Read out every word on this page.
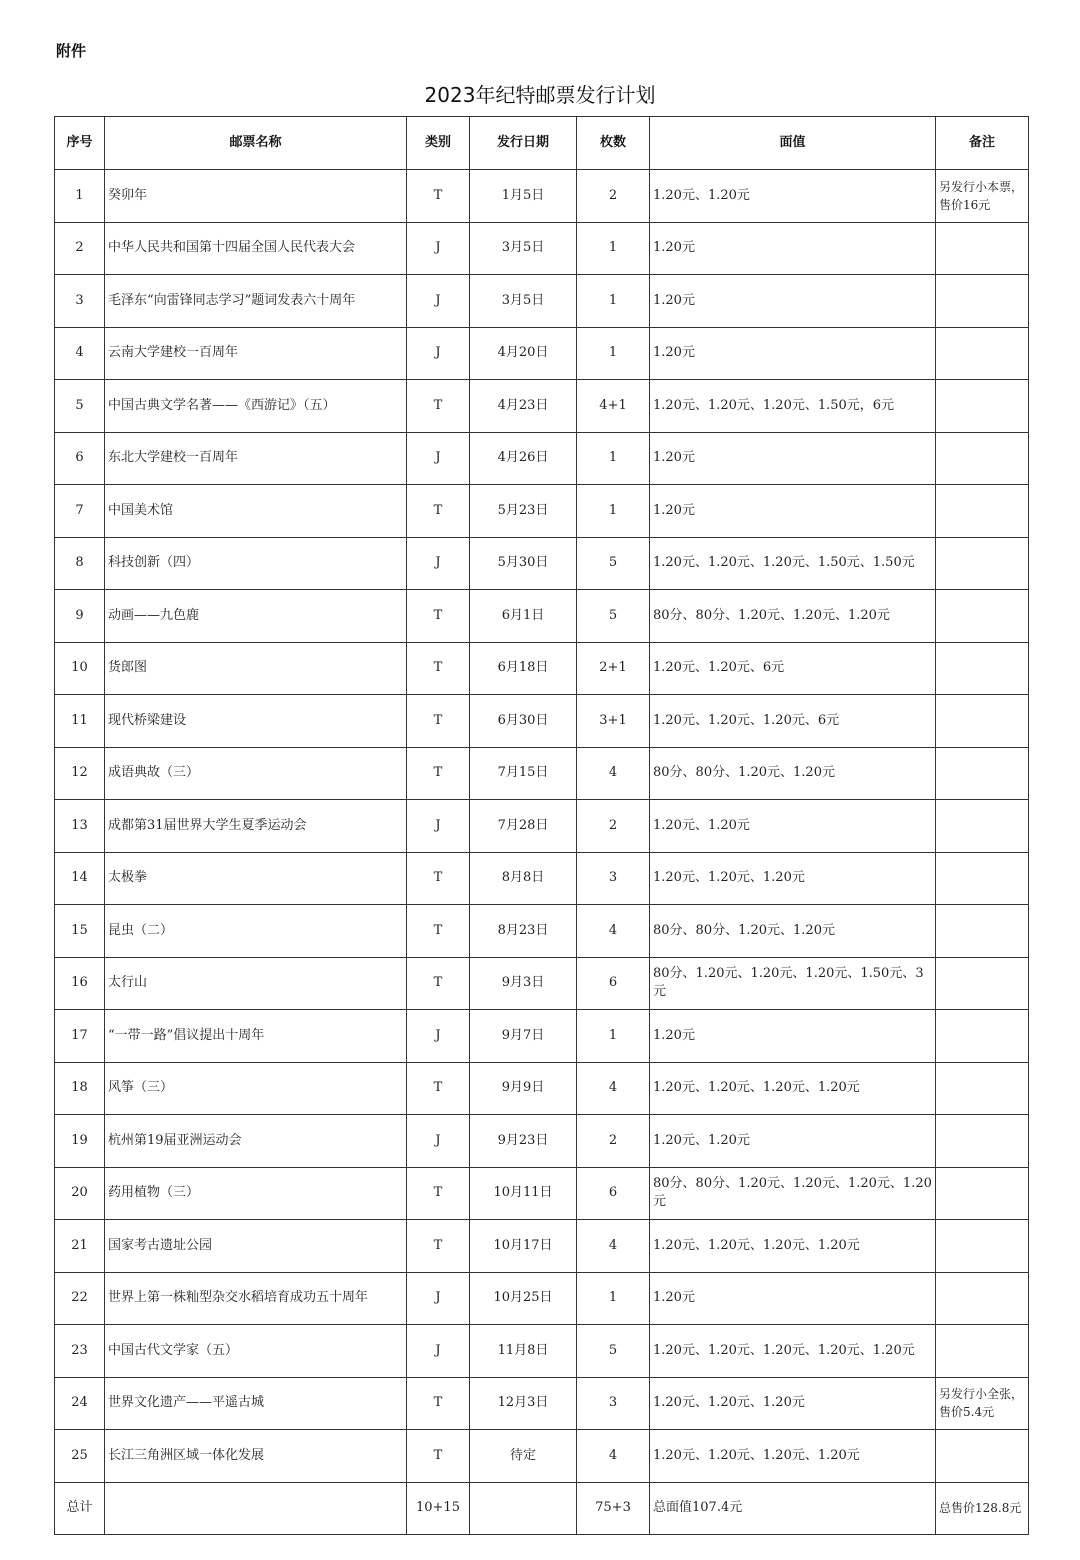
附件
2023年纪特邮票发行计划
序号	邮票名称	类别	发行日期	枚数	面值	备注
1	癸卯年	T	1月5日	2	1.20元、1.20元	另发行小本票，售价16元
2	中华人民共和国第十四届全国人民代表大会	J	3月5日	1	1.20元	
3	毛泽东“向雷锋同志学习”题词发表六十周年	J	3月5日	1	1.20元	
4	云南大学建校一百周年	J	4月20日	1	1.20元	
5	中国古典文学名著——《西游记》（五）	T	4月23日	4+1	1.20元、1.20元、1.20元、1.50元，6元	
6	东北大学建校一百周年	J	4月26日	1	1.20元	
7	中国美术馆	T	5月23日	1	1.20元	
8	科技创新（四）	J	5月30日	5	1.20元、1.20元、1.20元、1.50元、1.50元	
9	动画——九色鹿	T	6月1日	5	80分、80分、1.20元、1.20元、1.20元	
10	货郎图	T	6月18日	2+1	1.20元、1.20元、6元	
11	现代桥梁建设	T	6月30日	3+1	1.20元、1.20元、1.20元、6元	
12	成语典故（三）	T	7月15日	4	80分、80分、1.20元、1.20元	
13	成都第31届世界大学生夏季运动会	J	7月28日	2	1.20元、1.20元	
14	太极拳	T	8月8日	3	1.20元、1.20元、1.20元	
15	昆虫（二）	T	8月23日	4	80分、80分、1.20元、1.20元	
16	太行山	T	9月3日	6	80分、1.20元、1.20元、1.20元、1.50元、3元	
17	“一带一路”倡议提出十周年	J	9月7日	1	1.20元	
18	风筝（三）	T	9月9日	4	1.20元、1.20元、1.20元、1.20元	
19	杭州第19届亚洲运动会	J	9月23日	2	1.20元、1.20元	
20	药用植物（三）	T	10月11日	6	80分、80分、1.20元、1.20元、1.20元、1.20元	
21	国家考古遗址公园	T	10月17日	4	1.20元、1.20元、1.20元、1.20元	
22	世界上第一株籼型杂交水稻培育成功五十周年	J	10月25日	1	1.20元	
23	中国古代文学家（五）	J	11月8日	5	1.20元、1.20元、1.20元、1.20元、1.20元	
24	世界文化遗产——平遥古城	T	12月3日	3	1.20元、1.20元、1.20元	另发行小全张，售价5.4元
25	长江三角洲区域一体化发展	T	待定	4	1.20元、1.20元、1.20元、1.20元	
总计		10+15		75+3	总面值107.4元	总售价128.8元
